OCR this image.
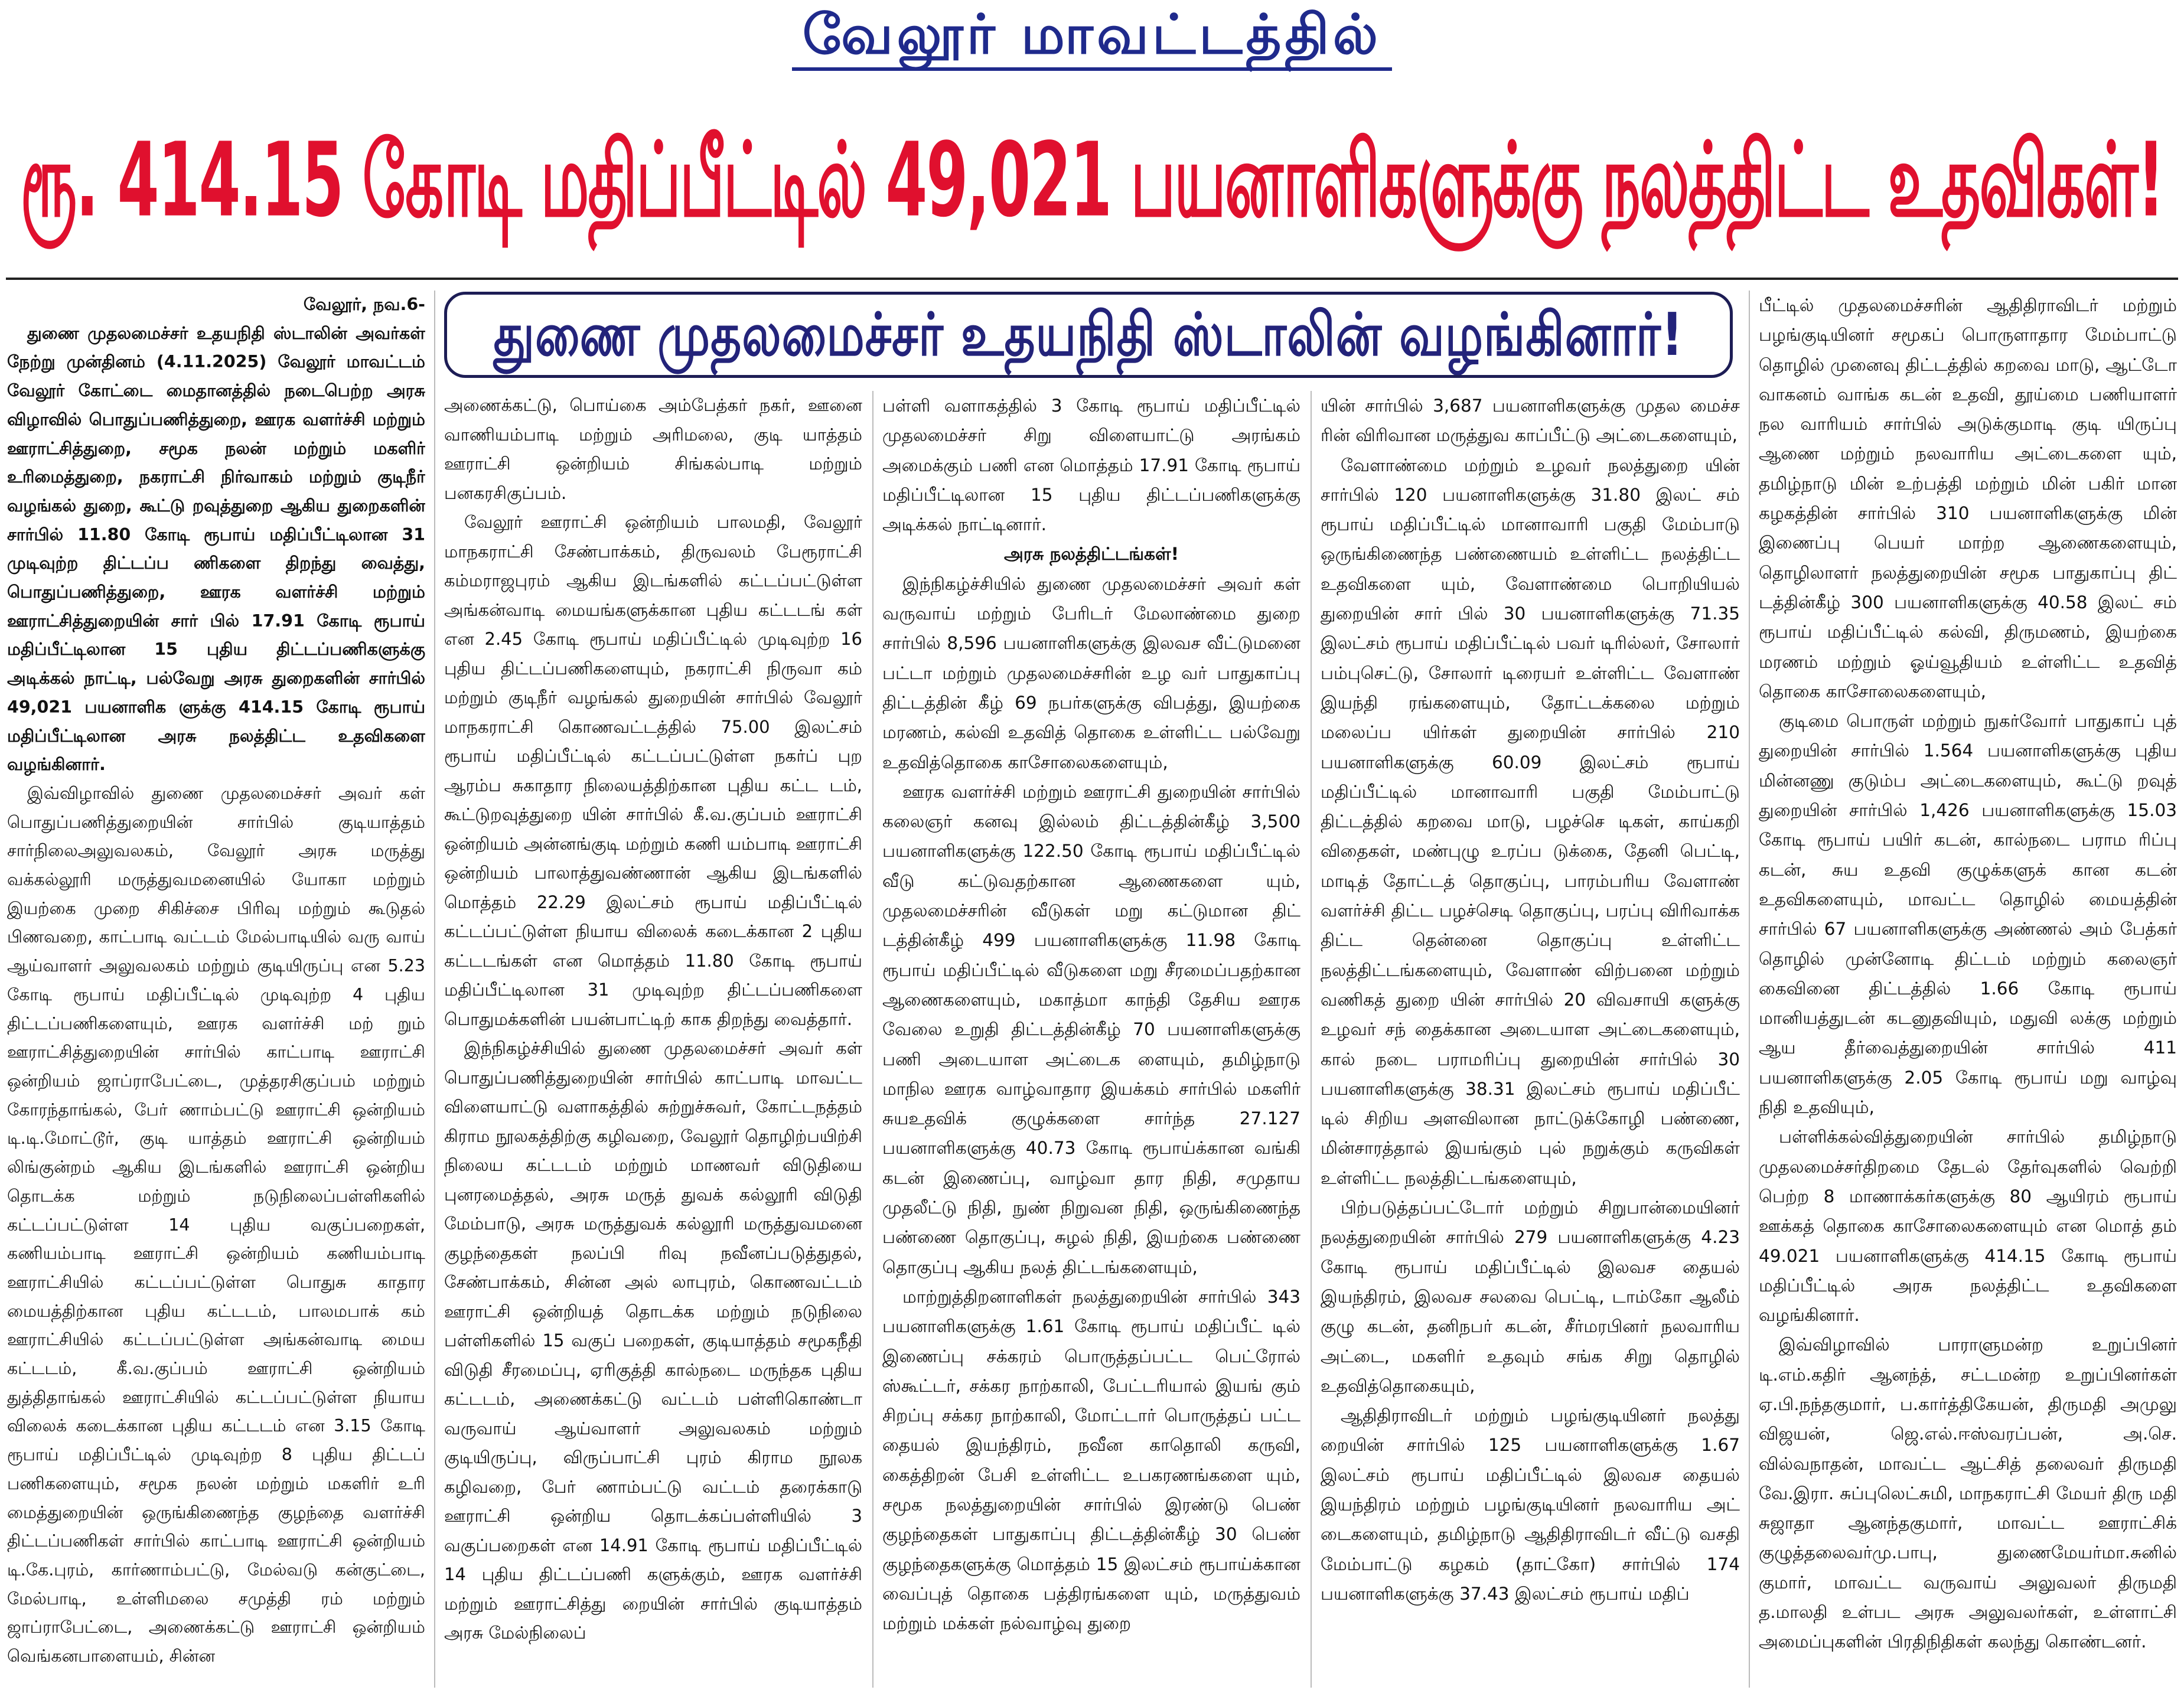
வேலூர் மாவட்டத்தில்
ரூ. 414.15 கோடி மதிப்பீட்டில் 49,021 பயனாளிகளுக்கு நலத்திட்ட உதவிகள்!
துணை முதலமைச்சர் உதயநிதி ஸ்டாலின் வழங்கினார்!

வேலூர், நவ.6-

துணை முதலமைச்சர் உதயநிதி ஸ்டாலின் அவர்கள் நேற்று முன்தினம் (4.11.2025) வேலூர் மாவட்டம் வேலூர் கோட்டை மைதானத்தில் நடைபெற்ற அரசு விழாவில் பொதுப்பணித்துறை, ஊரக வளர்ச்சி மற்றும் ஊராட்சித்துறை, சமூக நலன் மற்றும் மகளிர் உரிமைத்துறை, நகராட்சி நிர்வாகம் மற்றும் குடிநீர் வழங்கல் துறை, கூட்டு றவுத்துறை ஆகிய துறைகளின் சார்பில் 11.80 கோடி ரூபாய் மதிப்பீட்டிலான 31 முடிவுற்ற திட்டப்ப ணிகளை திறந்து வைத்து, பொதுப்பணித்துறை, ஊரக வளர்ச்சி மற்றும் ஊராட்சித்துறையின் சார் பில் 17.91 கோடி ரூபாய் மதிப்பீட்டிலான 15 புதிய திட்டப்பணிகளுக்கு அடிக்கல் நாட்டி, பல்வேறு அரசு துறைகளின் சார்பில் 49,021 பயனாளிக ளுக்கு 414.15 கோடி ரூபாய் மதிப்பீட்டிலான அரசு நலத்திட்ட உதவிகளை வழங்கினார்.

இவ்விழாவில் துணை முதலமைச்சர் அவர் கள் பொதுப்பணித்துறையின் சார்பில் குடியாத்தம் சார்நிலைஅலுவலகம், வேலூர் அரசு மருத்து வக்கல்லூரி மருத்துவமனையில் யோகா மற்றும் இயற்கை முறை சிகிச்சை பிரிவு மற்றும் கூடுதல் பிணவறை, காட்பாடி வட்டம் மேல்பாடியில் வரு வாய் ஆய்வாளர் அலுவலகம் மற்றும் குடியிருப்பு என 5.23 கோடி ரூபாய் மதிப்பீட்டில் முடிவுற்ற 4 புதிய திட்டப்பணிகளையும், ஊரக வளர்ச்சி மற் றும் ஊராட்சித்துறையின் சார்பில் காட்பாடி ஊராட்சி ஒன்றியம் ஜாப்ராபேட்டை, முத்தரசிகுப்பம் மற்றும் கோரந்தாங்கல், பேர் ணாம்பட்டு ஊராட்சி ஒன்றியம் டி.டி.மோட்டூர், குடி யாத்தம் ஊராட்சி ஒன்றியம் லிங்குன்றம் ஆகிய இடங்களில் ஊராட்சி ஒன்றிய தொடக்க மற்றும் நடுநிலைப்பள்ளிகளில் கட்டப்பட்டுள்ள 14 புதிய வகுப்பறைகள், கணியம்பாடி ஊராட்சி ஒன்றியம் கணியம்பாடி ஊராட்சியில் கட்டப்பட்டுள்ள பொதுசு காதார மையத்திற்கான புதிய கட்டடம், பாலமபாக் கம் ஊராட்சியில் கட்டப்பட்டுள்ள அங்கன்வாடி மைய கட்டடம், கீ.வ.குப்பம் ஊராட்சி ஒன்றியம் துத்திதாங்கல் ஊராட்சியில் கட்டப்பட்டுள்ள நியாய விலைக் கடைக்கான புதிய கட்டடம் என 3.15 கோடி ரூபாய் மதிப்பீட்டில் முடிவுற்ற 8 புதிய திட்டப் பணிகளையும், சமூக நலன் மற்றும் மகளிர் உரி மைத்துறையின் ஒருங்கிணைந்த குழந்தை வளர்ச்சி திட்டப்பணிகள் சார்பில் காட்பாடி ஊராட்சி ஒன்றியம் டி.கே.புரம், கார்ணாம்பட்டு, மேல்வடு கன்குட்டை, மேல்பாடி, உள்ளிமலை சமுத்தி ரம் மற்றும் ஜாப்ராபேட்டை, அணைக்கட்டு ஊராட்சி ஒன்றியம் வெங்கனபாளையம், சின்ன

அணைக்கட்டு, பொய்கை அம்பேத்கர் நகர், ஊனை வாணியம்பாடி மற்றும் அரிமலை, குடி யாத்தம் ஊராட்சி ஒன்றியம் சிங்கல்பாடி மற்றும் பனகரசிகுப்பம்.

வேலூர் ஊராட்சி ஒன்றியம் பாலமதி, வேலூர் மாநகராட்சி சேண்பாக்கம், திருவலம் பேரூராட்சி கம்மராஜபுரம் ஆகிய இடங்களில் கட்டப்பட்டுள்ள அங்கன்வாடி மையங்களுக்கான புதிய கட்டடங் கள் என 2.45 கோடி ரூபாய் மதிப்பீட்டில் முடிவுற்ற 16 புதிய திட்டப்பணிகளையும், நகராட்சி நிருவா கம் மற்றும் குடிநீர் வழங்கல் துறையின் சார்பில் வேலூர் மாநகராட்சி கொணவட்டத்தில் 75.00 இலட்சம் ரூபாய் மதிப்பீட்டில் கட்டப்பட்டுள்ள நகர்ப் புற ஆரம்ப சுகாதார நிலையத்திற்கான புதிய கட்ட டம், கூட்டுறவுத்துறை யின் சார்பில் கீ.வ.குப்பம் ஊராட்சி ஒன்றியம் அன்னங்குடி மற்றும் கணி யம்பாடி ஊராட்சி ஒன்றியம் பாலாத்துவண்ணான் ஆகிய இடங்களில் மொத்தம் 22.29 இலட்சம் ரூபாய் மதிப்பீட்டில் கட்டப்பட்டுள்ள நியாய விலைக் கடைக்கான 2 புதிய கட்டடங்கள் என மொத்தம் 11.80 கோடி ரூபாய் மதிப்பீட்டிலான 31 முடிவுற்ற திட்டப்பணிகளை பொதுமக்களின் பயன்பாட்டிற் காக திறந்து வைத்தார்.

இந்நிகழ்ச்சியில் துணை முதலமைச்சர் அவர் கள் பொதுப்பணித்துறையின் சார்பில் காட்பாடி மாவட்ட விளையாட்டு வளாகத்தில் சுற்றுச்சுவர், கோட்டநத்தம் கிராம நூலகத்திற்கு கழிவறை, வேலூர் தொழிற்பயிற்சி நிலைய கட்டடம் மற்றும் மாணவர் விடுதியை புனரமைத்தல், அரசு மருத் துவக் கல்லூரி விடுதி மேம்பாடு, அரசு மருத்துவக் கல்லூரி மருத்துவமனை குழந்தைகள் நலப்பி ரிவு நவீனப்படுத்துதல், சேண்பாக்கம், சின்ன அல் லாபுரம், கொணவட்டம் ஊராட்சி ஒன்றியத் தொடக்க மற்றும் நடுநிலை பள்ளிகளில் 15 வகுப் பறைகள், குடியாத்தம் சமூகநீதி விடுதி சீரமைப்பு, ஏரிகுத்தி கால்நடை மருந்தக புதிய கட்டடம், அணைக்கட்டு வட்டம் பள்ளிகொண்டா வருவாய் ஆய்வாளர் அலுவலகம் மற்றும் குடியிருப்பு, விருப்பாட்சி புரம் கிராம நூலக கழிவறை, பேர் ணாம்பட்டு வட்டம் தரைக்காடு ஊராட்சி ஒன்றிய தொடக்கப்பள்ளியில் 3 வகுப்பறைகள் என 14.91 கோடி ரூபாய் மதிப்பீட்டில் 14 புதிய திட்டப்பணி களுக்கும், ஊரக வளர்ச்சி மற்றும் ஊராட்சித்து றையின் சார்பில் குடியாத்தம் அரசு மேல்நிலைப்

பள்ளி வளாகத்தில் 3 கோடி ரூபாய் மதிப்பீட்டில் முதலமைச்சர் சிறு விளையாட்டு அரங்கம் அமைக்கும் பணி என மொத்தம் 17.91 கோடி ரூபாய் மதிப்பீட்டிலான 15 புதிய திட்டப்பணிகளுக்கு அடிக்கல் நாட்டினார்.

அரசு நலத்திட்டங்கள்!

இந்நிகழ்ச்சியில் துணை முதலமைச்சர் அவர் கள் வருவாய் மற்றும் பேரிடர் மேலாண்மை துறை சார்பில் 8,596 பயனாளிகளுக்கு இலவச வீட்டுமனை பட்டா மற்றும் முதலமைச்சரின் உழ வர் பாதுகாப்பு திட்டத்தின் கீழ் 69 நபர்களுக்கு விபத்து, இயற்கை மரணம், கல்வி உதவித் தொகை உள்ளிட்ட பல்வேறு உதவித்தொகை காசோலைகளையும்,

ஊரக வளர்ச்சி மற்றும் ஊராட்சி துறையின் சார்பில் கலைஞர் கனவு இல்லம் திட்டத்தின்கீழ் 3,500 பயனாளிகளுக்கு 122.50 கோடி ரூபாய் மதிப்பீட்டில் வீடு கட்டுவதற்கான ஆணைகளை யும், முதலமைச்சரின் வீடுகள் மறு கட்டுமான திட் டத்தின்கீழ் 499 பயனாளிகளுக்கு 11.98 கோடி ரூபாய் மதிப்பீட்டில் வீடுகளை மறு சீரமைப்பதற்கான ஆணைகளையும், மகாத்மா காந்தி தேசிய ஊரக வேலை உறுதி திட்டத்தின்கீழ் 70 பயனாளிகளுக்கு பணி அடையாள அட்டைக ளையும், தமிழ்நாடு மாநில ஊரக வாழ்வாதார இயக்கம் சார்பில் மகளிர் சுயஉதவிக் குழுக்களை சார்ந்த 27.127 பயனாளிகளுக்கு 40.73 கோடி ரூபாய்க்கான வங்கி கடன் இணைப்பு, வாழ்வா தார நிதி, சமுதாய முதலீட்டு நிதி, நுண் நிறுவன நிதி, ஒருங்கிணைந்த பண்ணை தொகுப்பு, சுழல் நிதி, இயற்கை பண்ணை தொகுப்பு ஆகிய நலத் திட்டங்களையும்,

மாற்றுத்திறனாளிகள் நலத்துறையின் சார்பில் 343 பயனாளிகளுக்கு 1.61 கோடி ரூபாய் மதிப்பீட் டில் இணைப்பு சக்கரம் பொருத்தப்பட்ட பெட்ரோல் ஸ்கூட்டர், சக்கர நாற்காலி, பேட்டரியால் இயங் கும் சிறப்பு சக்கர நாற்காலி, மோட்டார் பொருத்தப் பட்ட தையல் இயந்திரம், நவீன காதொலி கருவி, கைத்திறன் பேசி உள்ளிட்ட உபகரணங்களை யும், சமூக நலத்துறையின் சார்பில் இரண்டு பெண் குழந்தைகள் பாதுகாப்பு திட்டத்தின்கீழ் 30 பெண் குழந்தைகளுக்கு மொத்தம் 15 இலட்சம் ரூபாய்க்கான வைப்புத் தொகை பத்திரங்களை யும், மருத்துவம் மற்றும் மக்கள் நல்வாழ்வு துறை

யின் சார்பில் 3,687 பயனாளிகளுக்கு முதல மைச்ச ரின் விரிவான மருத்துவ காப்பீட்டு அட்டைகளையும்,

வேளாண்மை மற்றும் உழவர் நலத்துறை யின் சார்பில் 120 பயனாளிகளுக்கு 31.80 இலட் சம் ரூபாய் மதிப்பீட்டில் மானாவாரி பகுதி மேம்பாடு ஒருங்கிணைந்த பண்ணையம் உள்ளிட்ட நலத்திட்ட உதவிகளை யும், வேளாண்மை பொறியியல் துறையின் சார் பில் 30 பயனாளிகளுக்கு 71.35 இலட்சம் ரூபாய் மதிப்பீட்டில் பவர் டிரில்லர், சோலார் பம்புசெட்டு, சோலார் டிரையர் உள்ளிட்ட வேளாண் இயந்தி ரங்களையும், தோட்டக்கலை மற்றும் மலைப்ப யிர்கள் துறையின் சார்பில் 210 பயனாளிகளுக்கு 60.09 இலட்சம் ரூபாய் மதிப்பீட்டில் மானாவாரி பகுதி மேம்பாட்டு திட்டத்தில் கறவை மாடு, பழச்செ டிகள், காய்கறி விதைகள், மண்புழு உரப்ப டுக்கை, தேனி பெட்டி, மாடித் தோட்டத் தொகுப்பு, பாரம்பரிய வேளாண் வளர்ச்சி திட்ட பழச்செடி தொகுப்பு, பரப்பு விரிவாக்க திட்ட தென்னை தொகுப்பு உள்ளிட்ட நலத்திட்டங்களையும், வேளாண் விற்பனை மற்றும் வணிகத் துறை யின் சார்பில் 20 விவசாயி களுக்கு உழவர் சந் தைக்கான அடையாள அட்டைகளையும், கால் நடை பராமரிப்பு துறையின் சார்பில் 30 பயனாளிகளுக்கு 38.31 இலட்சம் ரூபாய் மதிப்பீட் டில் சிறிய அளவிலான நாட்டுக்கோழி பண்ணை, மின்சாரத்தால் இயங்கும் புல் நறுக்கும் கருவிகள் உள்ளிட்ட நலத்திட்டங்களையும்,

பிற்படுத்தப்பட்டோர் மற்றும் சிறுபான்மையினர் நலத்துறையின் சார்பில் 279 பயனாளிகளுக்கு 4.23 கோடி ரூபாய் மதிப்பீட்டில் இலவச தையல் இயந்திரம், இலவச சலவை பெட்டி, டாம்கோ ஆலீம் குழு கடன், தனிநபர் கடன், சீர்மரபினர் நலவாரிய அட்டை, மகளிர் உதவும் சங்க சிறு தொழில் உதவித்தொகையும்,

ஆதிதிராவிடர் மற்றும் பழங்குடியினர் நலத்து றையின் சார்பில் 125 பயனாளிகளுக்கு 1.67 இலட்சம் ரூபாய் மதிப்பீட்டில் இலவச தையல் இயந்திரம் மற்றும் பழங்குடியினர் நலவாரிய அட் டைகளையும், தமிழ்நாடு ஆதிதிராவிடர் வீட்டு வசதி மேம்பாட்டு கழகம் (தாட்கோ) சார்பில் 174 பயனாளிகளுக்கு 37.43 இலட்சம் ரூபாய் மதிப்

பீட்டில் முதலமைச்சரின் ஆதிதிராவிடர் மற்றும் பழங்குடியினர் சமூகப் பொருளாதார மேம்பாட்டு தொழில் முனைவு திட்டத்தில் கறவை மாடு, ஆட்டோ வாகனம் வாங்க கடன் உதவி, தூய்மை பணியாளர் நல வாரியம் சார்பில் அடுக்குமாடி குடி யிருப்பு ஆணை மற்றும் நலவாரிய அட்டைகளை யும், தமிழ்நாடு மின் உற்பத்தி மற்றும் மின் பகிர் மான கழகத்தின் சார்பில் 310 பயனாளிகளுக்கு மின் இணைப்பு பெயர் மாற்ற ஆணைகளையும், தொழிலாளர் நலத்துறையின் சமூக பாதுகாப்பு திட் டத்தின்கீழ் 300 பயனாளிகளுக்கு 40.58 இலட் சம் ரூபாய் மதிப்பீட்டில் கல்வி, திருமணம், இயற்கை மரணம் மற்றும் ஓய்வூதியம் உள்ளிட்ட உதவித் தொகை காசோலைகளையும்,

குடிமை பொருள் மற்றும் நுகர்வோர் பாதுகாப் புத் துறையின் சார்பில் 1.564 பயனாளிகளுக்கு புதிய மின்னணு குடும்ப அட்டைகளையும், கூட்டு றவுத் துறையின் சார்பில் 1,426 பயனாளிகளுக்கு 15.03 கோடி ரூபாய் பயிர் கடன், கால்நடை பராம ரிப்பு கடன், சுய உதவி குழுக்களுக் கான கடன் உதவிகளையும், மாவட்ட தொழில் மையத்தின் சார்பில் 67 பயனாளிகளுக்கு அண்ணல் அம் பேத்கர் தொழில் முன்னோடி திட்டம் மற்றும் கலைஞர் கைவினை திட்டத்தில் 1.66 கோடி ரூபாய் மானியத்துடன் கடனுதவியும், மதுவி லக்கு மற்றும் ஆய தீர்வைத்துறையின் சார்பில் 411 பயனாளிகளுக்கு 2.05 கோடி ரூபாய் மறு வாழ்வு நிதி உதவியும்,

பள்ளிக்கல்வித்துறையின் சார்பில் தமிழ்நாடு முதலமைச்சர்திறமை தேடல் தேர்வுகளில் வெற்றி பெற்ற 8 மாணாக்கர்களுக்கு 80 ஆயிரம் ரூபாய் ஊக்கத் தொகை காசோலைகளையும் என மொத் தம் 49.021 பயனாளிகளுக்கு 414.15 கோடி ரூபாய் மதிப்பீட்டில் அரசு நலத்திட்ட உதவிகளை வழங்கினார்.

இவ்விழாவில் பாராளுமன்ற உறுப்பினர் டி.எம்.கதிர் ஆனந்த், சட்டமன்ற உறுப்பினர்கள் ஏ.பி.நந்தகுமார், ப.கார்த்திகேயன், திருமதி அமுலு விஜயன், ஜெ.எல்.ஈஸ்வரப்பன், அ.செ. வில்வநாதன், மாவட்ட ஆட்சித் தலைவர் திருமதி வே.இரா. சுப்புலெட்சுமி, மாநகராட்சி மேயர் திரு மதி சுஜாதா ஆனந்தகுமார், மாவட்ட ஊராட்சிக் குழுத்தலைவர்மு.பாபு, துணைமேயர்மா.சுனில் குமார், மாவட்ட வருவாய் அலுவலர் திருமதி த.மாலதி உள்பட அரசு அலுவலர்கள், உள்ளாட்சி அமைப்புகளின் பிரதிநிதிகள் கலந்து கொண்டனர்.
